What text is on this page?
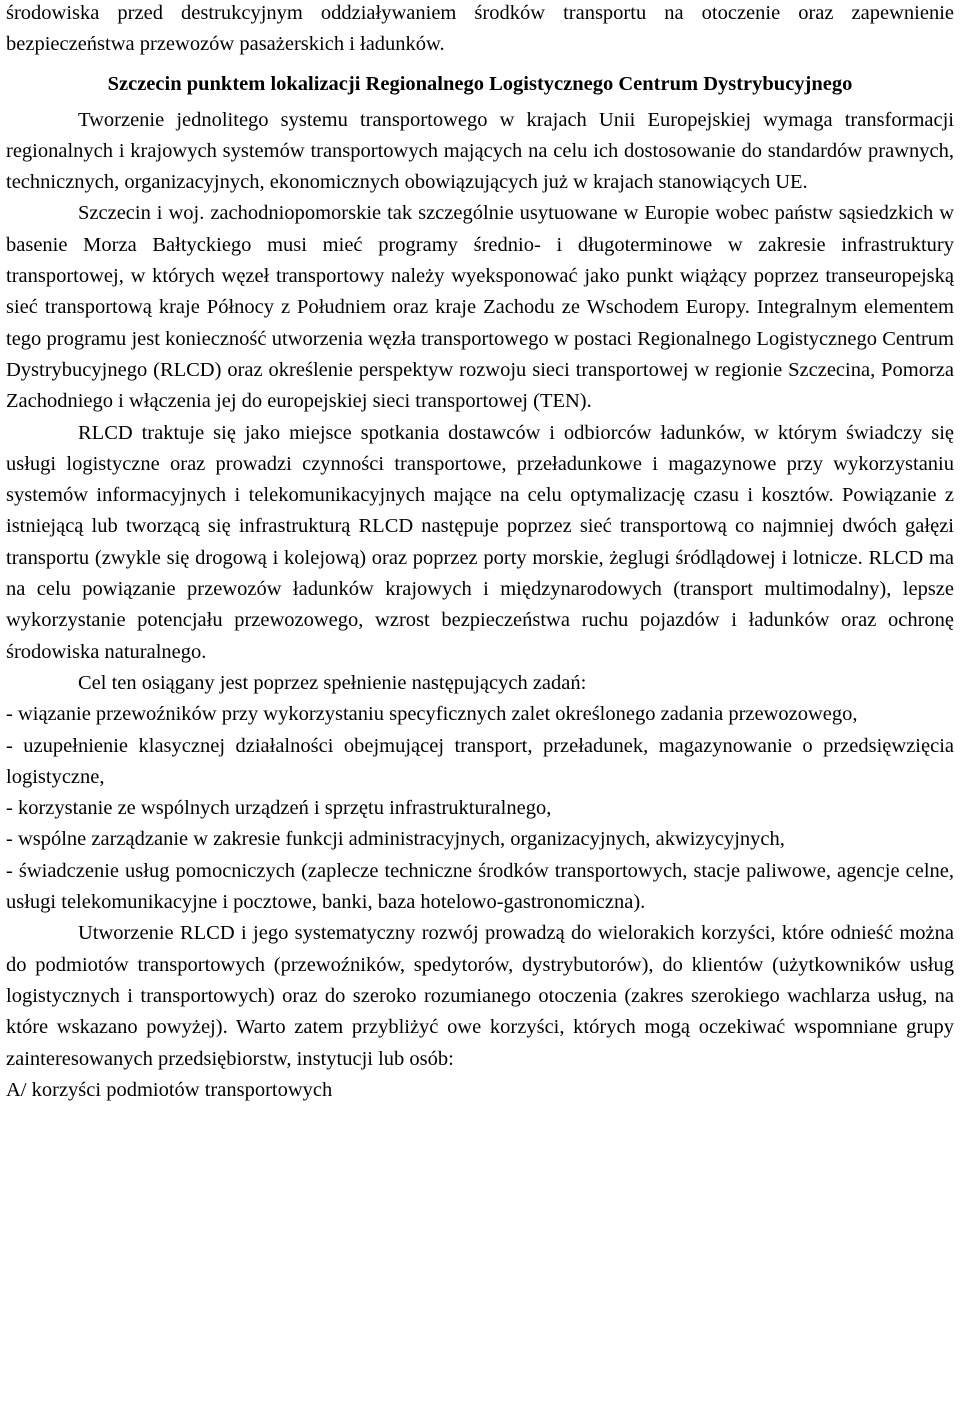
środowiska przed destrukcyjnym oddziaływaniem środków transportu na otoczenie oraz zapewnienie bezpieczeństwa przewozów pasażerskich i ładunków.

Szczecin punktem lokalizacji Regionalnego Logistycznego Centrum Dystrybucyjnego

Tworzenie jednolitego systemu transportowego w krajach Unii Europejskiej wymaga transformacji regionalnych i krajowych systemów transportowych mających na celu ich dostosowanie do standardów prawnych, technicznych, organizacyjnych, ekonomicznych obowiązujących już w krajach stanowiących UE.

Szczecin i woj. zachodniopomorskie tak szczególnie usytuowane w Europie wobec państw sąsiedzkich w basenie Morza Bałtyckiego musi mieć programy średnio- i długoterminowe w zakresie infrastruktury transportowej, w których węzeł transportowy należy wyeksponować jako punkt wiążący poprzez transeuropejską sieć transportową kraje Północy z Południem oraz kraje Zachodu ze Wschodem Europy. Integralnym elementem tego programu jest konieczność utworzenia węzła transportowego w postaci Regionalnego Logistycznego Centrum Dystrybucyjnego (RLCD) oraz określenie perspektyw rozwoju sieci transportowej w regionie Szczecina, Pomorza Zachodniego i włączenia jej do europejskiej sieci transportowej (TEN).

RLCD traktuje się jako miejsce spotkania dostawców i odbiorców ładunków, w którym świadczy się usługi logistyczne oraz prowadzi czynności transportowe, przeładunkowe i magazynowe przy wykorzystaniu systemów informacyjnych i telekomunikacyjnych mające na celu optymalizację czasu i kosztów. Powiązanie z istniejącą lub tworzącą się infrastrukturą RLCD następuje poprzez sieć transportową co najmniej dwóch gałęzi transportu (zwykle się drogową i kolejową) oraz poprzez porty morskie, żeglugi śródlądowej i lotnicze. RLCD ma na celu powiązanie przewozów ładunków krajowych i międzynarodowych (transport multimodalny), lepsze wykorzystanie potencjału przewozowego, wzrost bezpieczeństwa ruchu pojazdów i ładunków oraz ochronę środowiska naturalnego.

Cel ten osiągany jest poprzez spełnienie następujących zadań:

- wiązanie przewoźników przy wykorzystaniu specyficznych zalet określonego zadania przewozowego,

- uzupełnienie klasycznej działalności obejmującej transport, przeładunek, magazynowanie o przedsięwzięcia logistyczne,

- korzystanie ze wspólnych urządzeń i sprzętu infrastrukturalnego,

- wspólne zarządzanie w zakresie funkcji administracyjnych, organizacyjnych, akwizycyjnych,

- świadczenie usług pomocniczych (zaplecze techniczne środków transportowych, stacje paliwowe, agencje celne, usługi telekomunikacyjne i pocztowe, banki, baza hotelowo-gastronomiczna).

Utworzenie RLCD i jego systematyczny rozwój prowadzą do wielorakich korzyści, które odnieść można do podmiotów transportowych (przewoźników, spedytorów, dystrybutorów), do klientów (użytkowników usług logistycznych i transportowych) oraz do szeroko rozumianego otoczenia (zakres szerokiego wachlarza usług, na które wskazano powyżej). Warto zatem przybliżyć owe korzyści, których mogą oczekiwać wspomniane grupy zainteresowanych przedsiębiorstw, instytucji lub osób:

A/ korzyści podmiotów transportowych
